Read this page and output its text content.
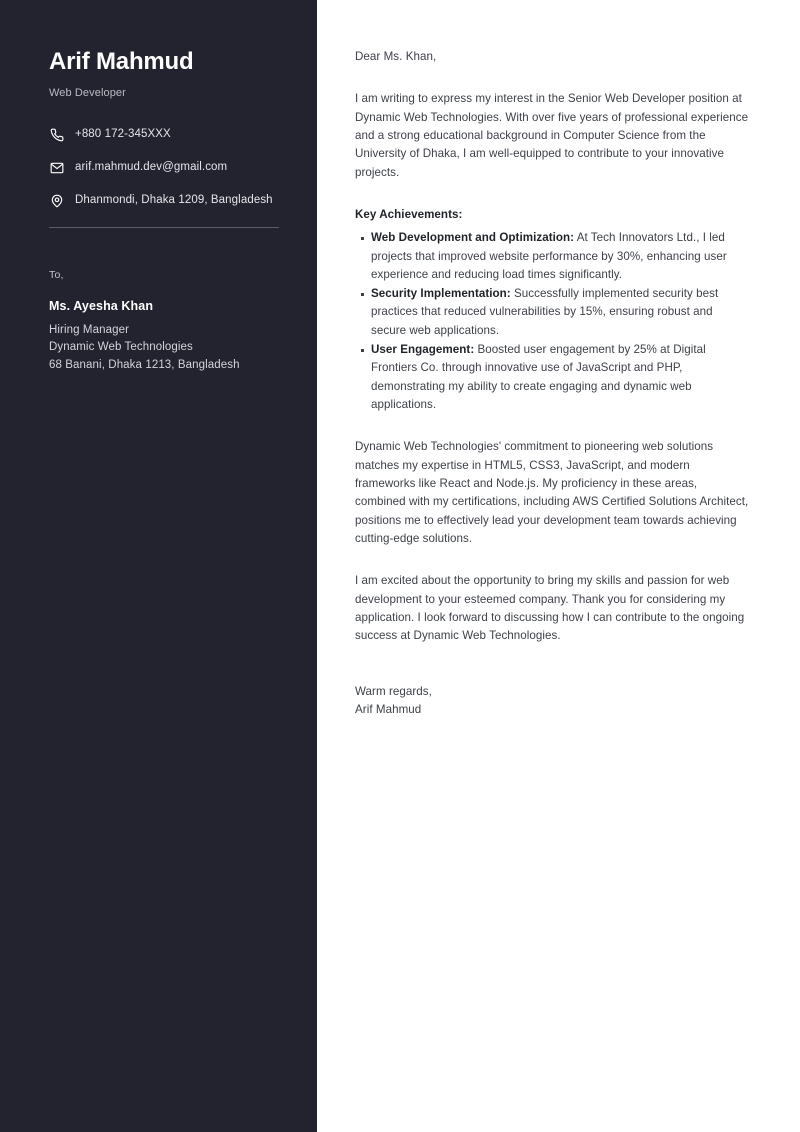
Arif Mahmud
Web Developer
+880 172-345XXX
arif.mahmud.dev@gmail.com
Dhanmondi, Dhaka 1209, Bangladesh
To,
Ms. Ayesha Khan
Hiring Manager
Dynamic Web Technologies
68 Banani, Dhaka 1213, Bangladesh
Dear Ms. Khan,
I am writing to express my interest in the Senior Web Developer position at Dynamic Web Technologies. With over five years of professional experience and a strong educational background in Computer Science from the University of Dhaka, I am well-equipped to contribute to your innovative projects.
Key Achievements:
Web Development and Optimization: At Tech Innovators Ltd., I led projects that improved website performance by 30%, enhancing user experience and reducing load times significantly.
Security Implementation: Successfully implemented security best practices that reduced vulnerabilities by 15%, ensuring robust and secure web applications.
User Engagement: Boosted user engagement by 25% at Digital Frontiers Co. through innovative use of JavaScript and PHP, demonstrating my ability to create engaging and dynamic web applications.
Dynamic Web Technologies' commitment to pioneering web solutions matches my expertise in HTML5, CSS3, JavaScript, and modern frameworks like React and Node.js. My proficiency in these areas, combined with my certifications, including AWS Certified Solutions Architect, positions me to effectively lead your development team towards achieving cutting-edge solutions.
I am excited about the opportunity to bring my skills and passion for web development to your esteemed company. Thank you for considering my application. I look forward to discussing how I can contribute to the ongoing success at Dynamic Web Technologies.
Warm regards,
Arif Mahmud
